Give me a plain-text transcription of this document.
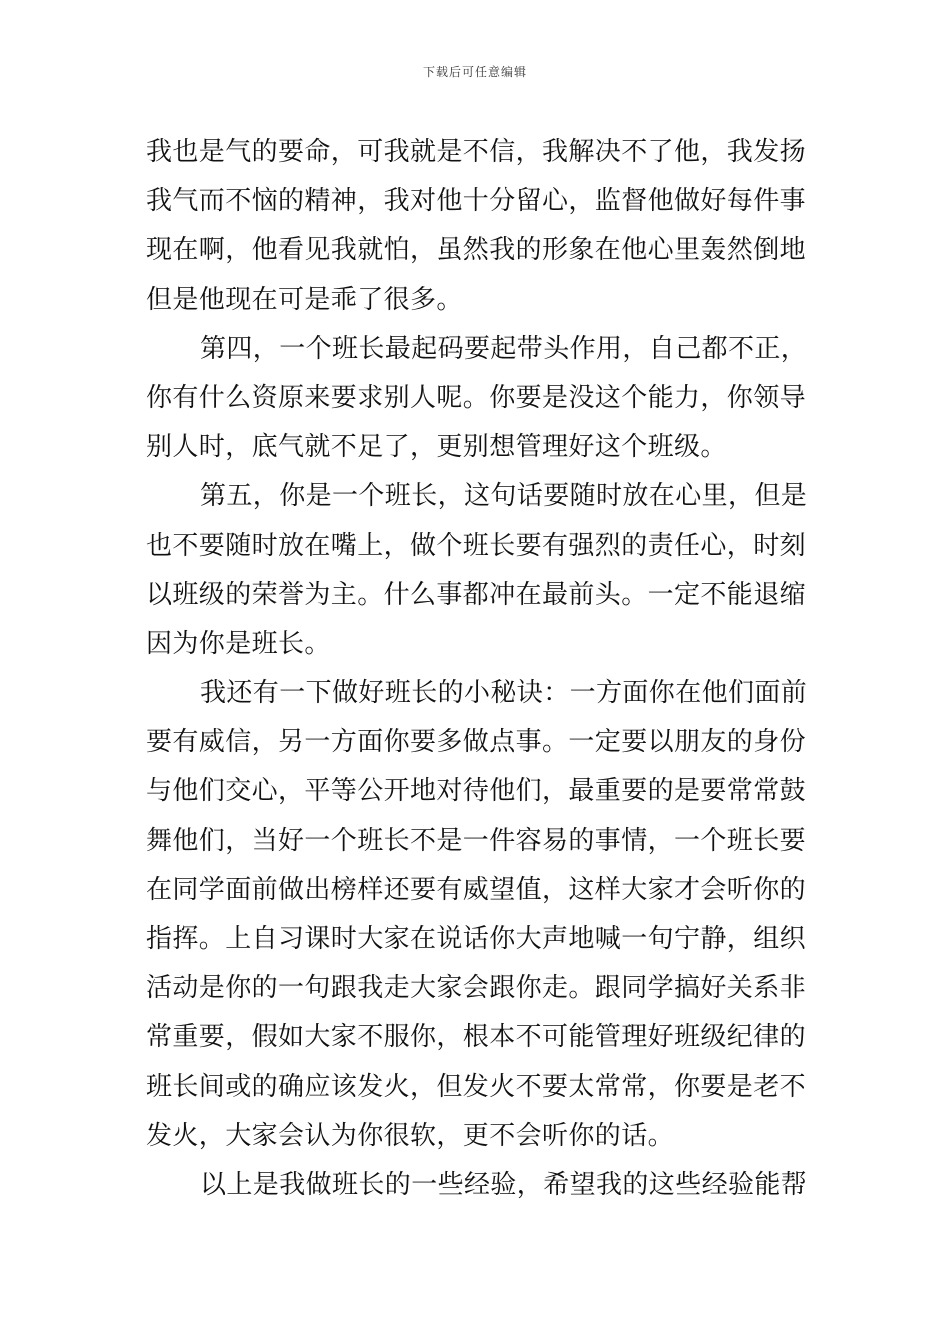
下载后可任意编辑
我也是气的要命，可我就是不信，我解决不了他，我发扬
我气而不恼的精神，我对他十分留心，监督他做好每件事
现在啊，他看见我就怕，虽然我的形象在他心里轰然倒地
但是他现在可是乖了很多。
第四，一个班长最起码要起带头作用，自己都不正，
你有什么资原来要求别人呢。你要是没这个能力，你领导
别人时，底气就不足了，更别想管理好这个班级。
第五，你是一个班长，这句话要随时放在心里，但是
也不要随时放在嘴上，做个班长要有强烈的责任心，时刻
以班级的荣誉为主。什么事都冲在最前头。一定不能退缩
因为你是班长。
我还有一下做好班长的小秘诀：一方面你在他们面前
要有威信，另一方面你要多做点事。一定要以朋友的身份
与他们交心，平等公开地对待他们，最重要的是要常常鼓
舞他们，当好一个班长不是一件容易的事情，一个班长要
在同学面前做出榜样还要有威望值，这样大家才会听你的
指挥。上自习课时大家在说话你大声地喊一句宁静，组织
活动是你的一句跟我走大家会跟你走。跟同学搞好关系非
常重要，假如大家不服你，根本不可能管理好班级纪律的
班长间或的确应该发火，但发火不要太常常，你要是老不
发火，大家会认为你很软，更不会听你的话。
以上是我做班长的一些经验，希望我的这些经验能帮
